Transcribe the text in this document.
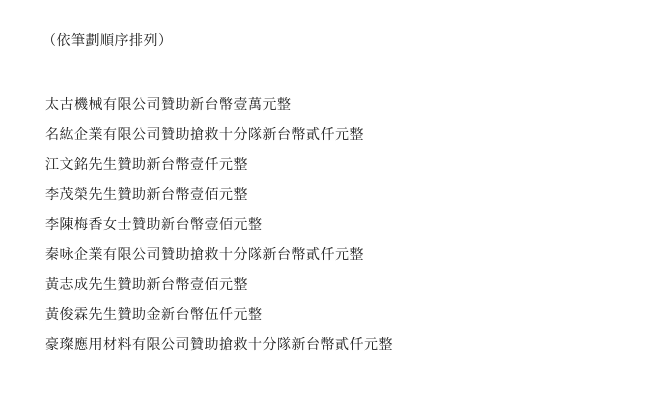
（依筆劃順序排列）

太古機械有限公司贊助新台幣壹萬元整

名紘企業有限公司贊助搶救十分隊新台幣貳仟元整

江文銘先生贊助新台幣壹仟元整

李茂榮先生贊助新台幣壹佰元整

李陳梅香女士贊助新台幣壹佰元整

秦咏企業有限公司贊助搶救十分隊新台幣貳仟元整

黃志成先生贊助新台幣壹佰元整

黃俊霖先生贊助金新台幣伍仟元整

豪璨應用材料有限公司贊助搶救十分隊新台幣貳仟元整
